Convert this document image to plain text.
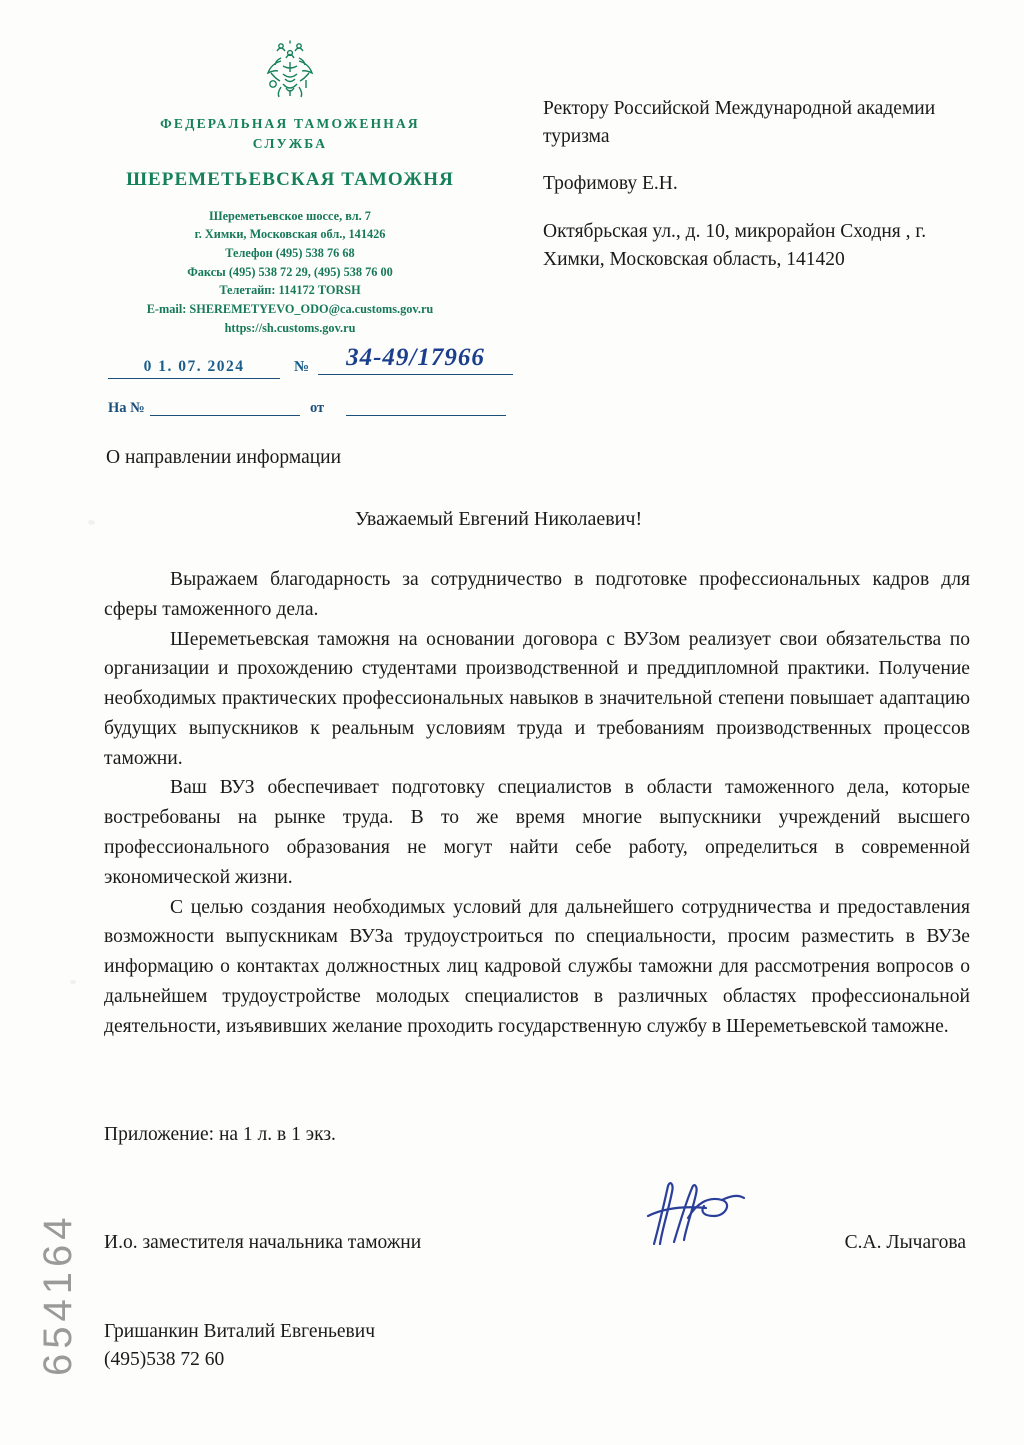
ФЕДЕРАЛЬНАЯ ТАМОЖЕННАЯ
СЛУЖБА
ШЕРЕМЕТЬЕВСКАЯ ТАМОЖНЯ
Шереметьевское шоссе, вл. 7
г. Химки, Московская обл., 141426
Телефон (495) 538 76 68
Факсы (495) 538 72 29, (495) 538 76 00
Телетайп: 114172 TORSH
E-mail: SHEREMETYEVO_ODO@ca.customs.gov.ru
https://sh.customs.gov.ru
0 1. 07. 2024	№	34-49/17966
На №	от

Ректору Российской Международной академии туризма

Трофимову Е.Н.

Октябрьская ул., д. 10, микрорайон Сходня , г. Химки, Московская область, 141420

О направлении информации
Уважаемый Евгений Николаевич!

Выражаем благодарность за сотрудничество в подготовке профессиональных кадров для сферы таможенного дела.

Шереметьевская таможня на основании договора с ВУЗом реализует свои обязательства по организации и прохождению студентами производственной и преддипломной практики. Получение необходимых практических профессиональных навыков в значительной степени повышает адаптацию будущих выпускников к реальным условиям труда и требованиям производственных процессов таможни.

Ваш ВУЗ обеспечивает подготовку специалистов в области таможенного дела, которые востребованы на рынке труда. В то же время многие выпускники учреждений высшего профессионального образования не могут найти себе работу, определиться в современной экономической жизни.

С целью создания необходимых условий для дальнейшего сотрудничества и предоставления возможности выпускникам ВУЗа трудоустроиться по специальности, просим разместить в ВУЗе информацию о контактах должностных лиц кадровой службы таможни для рассмотрения вопросов о дальнейшем трудоустройстве молодых специалистов в различных областях профессиональной деятельности, изъявивших желание проходить государственную службу в Шереметьевской таможне.

Приложение: на 1 л. в 1 экз.
И.о. заместителя начальника таможни	С.А. Лычагова
Гришанкин Виталий Евгеньевич
(495)538 72 60
654164
